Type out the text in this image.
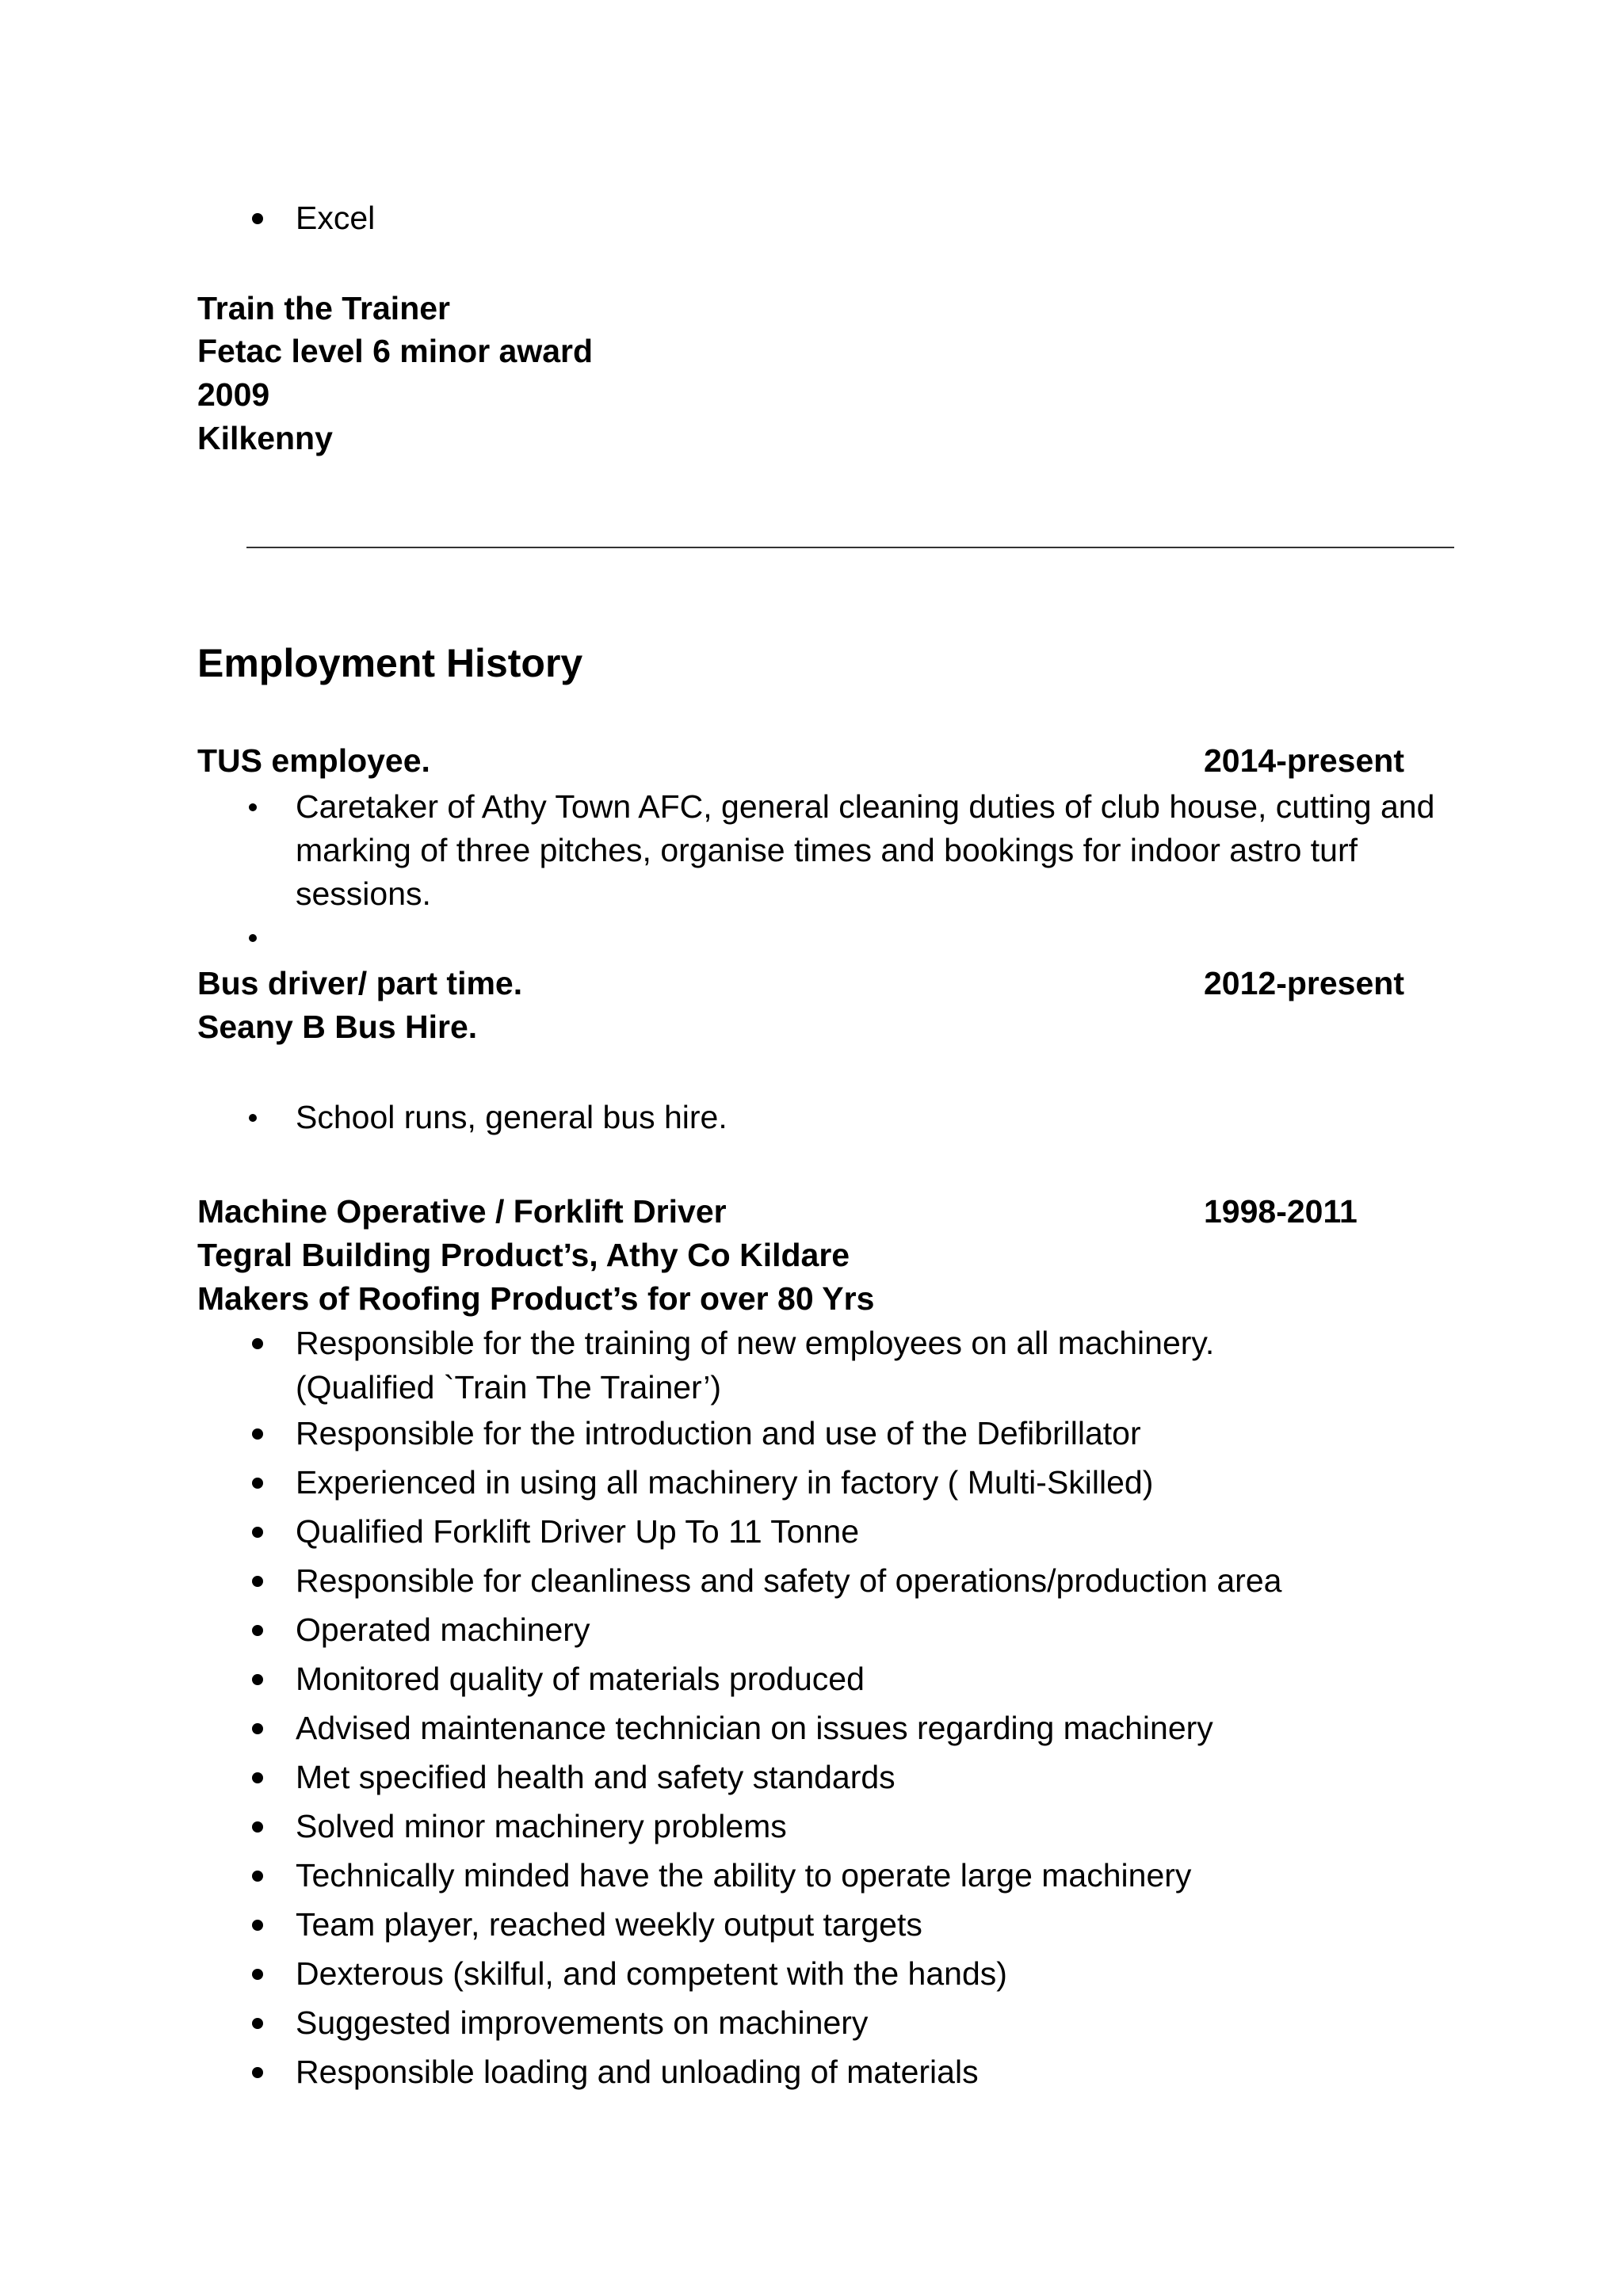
Excel
Train the Trainer
Fetac level 6 minor award
2009
Kilkenny
Employment History
TUS employee.	2014-present
Caretaker of Athy Town AFC, general cleaning duties of club house, cutting and
marking of three pitches, organise times and bookings for indoor astro turf
sessions.
Bus driver/ part time.	2012-present
Seany B Bus Hire.
School runs, general bus hire.
Machine Operative / Forklift Driver	1998-2011
Tegral Building Product’s, Athy Co Kildare
Makers of Roofing Product’s for over 80 Yrs
Responsible for the training of new employees on all machinery.
(Qualified `Train The Trainer’)
Responsible for the introduction and use of the Defibrillator
Experienced in using all machinery in factory ( Multi-Skilled)
Qualified Forklift Driver Up To 11 Tonne
Responsible for cleanliness and safety of operations/production area
Operated machinery
Monitored quality of materials produced
Advised maintenance technician on issues regarding machinery
Met specified health and safety standards
Solved minor machinery problems
Technically minded have the ability to operate large machinery
Team player, reached weekly output targets
Dexterous (skilful, and competent with the hands)
Suggested improvements on machinery
Responsible loading and unloading of materials
